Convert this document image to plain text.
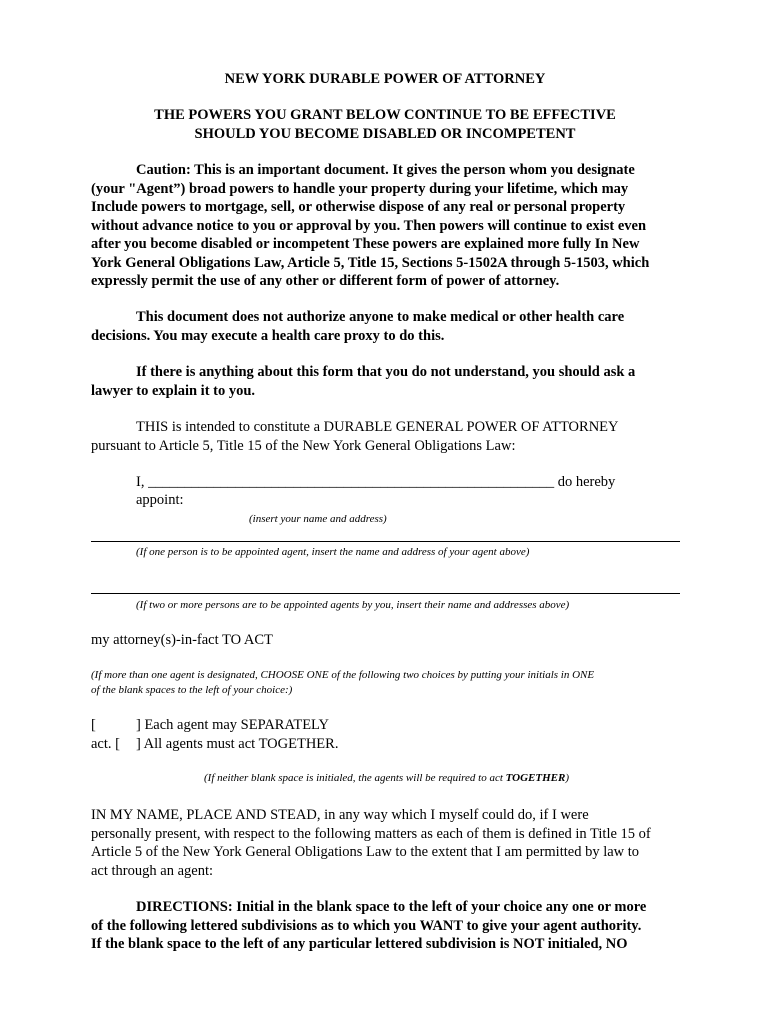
NEW YORK DURABLE POWER OF ATTORNEY
THE POWERS YOU GRANT BELOW CONTINUE TO BE EFFECTIVE
SHOULD YOU BECOME DISABLED OR INCOMPETENT
Caution: This is an important document. It gives the person whom you designate
(your "Agent”) broad powers to handle your property during your lifetime, which may
Include powers to mortgage, sell, or otherwise dispose of any real or personal property
without advance notice to you or approval by you. Then powers will continue to exist even
after you become disabled or incompetent These powers are explained more fully In New
York General Obligations Law, Article 5, Title 15, Sections 5-1502A through 5-1503, which
expressly permit the use of any other or different form of power of attorney.
This document does not authorize anyone to make medical or other health care
decisions. You may execute a health care proxy to do this.
If there is anything about this form that you do not understand, you should ask a
lawyer to explain it to you.
THIS is intended to constitute a DURABLE GENERAL POWER OF ATTORNEY
pursuant to Article 5, Title 15 of the New York General Obligations Law:
I, ________________________________________________________ do hereby
appoint:
(insert your name and address)
(If one person is to be appointed agent, insert the name and address of your agent above)
(If two or more persons are to be appointed agents by you, insert their name and addresses above)
my attorney(s)-in-fact TO ACT
(If more than one agent is designated, CHOOSE ONE of the following two choices by putting your initials in ONE
of the blank spaces to the left of your choice:)
[	] Each agent may SEPARATELY
act. [ ] All agents must act TOGETHER.
(If neither blank space is initialed, the agents will be required to act TOGETHER)
IN MY NAME, PLACE AND STEAD, in any way which I myself could do, if I were
personally present, with respect to the following matters as each of them is defined in Title 15 of
Article 5 of the New York General Obligations Law to the extent that I am permitted by law to
act through an agent:
DIRECTIONS: Initial in the blank space to the left of your choice any one or more
of the following lettered subdivisions as to which you WANT to give your agent authority.
If the blank space to the left of any particular lettered subdivision is NOT initialed, NO
